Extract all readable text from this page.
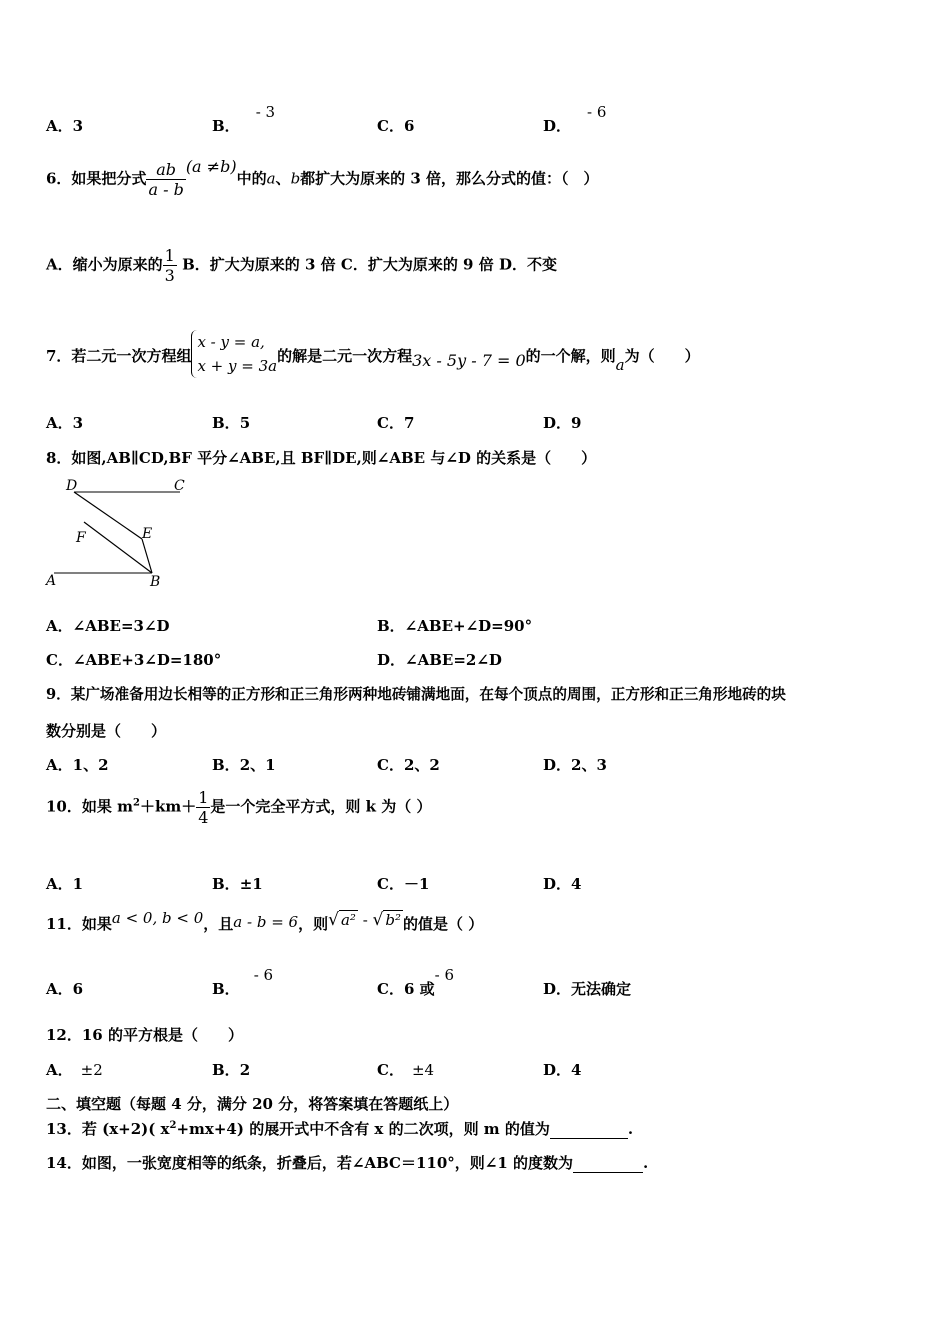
A．3	B．- 3
C．6	D．- 6
6．如果把分式 $\frac{ab}{a - b} (a \ne b)$中的a、b都扩大为原来的 3 倍，那么分式的值：（　）
A．缩小为原来的 $\frac{1}{3}$ B．扩大为原来的 3 倍 C．扩大为原来的 9 倍 D．不变
7．若二元一次方程组
x - y = a,
x + y = 3a
的解是二元一次方程3x - 5y - 7 = 0的一个解，则a为（　　）
A．3	B．5	C．7	D．9
8．如图,AB∥CD,BF 平分∠ABE,且 BF∥DE,则∠ABE 与∠D 的关系是（　　）
D	C
E
F
A	B
A．∠ABE=3∠D	B．∠ABE+∠D=90°
C．∠ABE+3∠D=180°	D．∠ABE=2∠D
9．某广场准备用边长相等的正方形和正三角形两种地砖铺满地面，在每个顶点的周围，正方形和正三角形地砖的块
数分别是（　　）
A．1、2	B．2、1	C．2、2	D．2、3
10．如果 $m^2+km+ \frac{1}{4}$ 是一个完全平方式，则 k 为（ ）
A．1	B．±1	C．－1	D．4
11．如果a < 0, b < 0，且a - b = 6，则√ a² - √ b² 的值是（ ）
A．6	B．- 6
C．6 或- 6
D．无法确定
12．16 的平方根是（　　）
A． ±2	B．2	C． ±4	D．4
二、填空题（每题 4 分，满分 20 分，将答案填在答题纸上）
13．若 (x+2)( $x^2+mx+4$) 的展开式中不含有 x 的二次项，则 m 的值为	.
14．如图，一张宽度相等的纸条，折叠后，若∠ABC＝110°，则∠1 的度数为	.
